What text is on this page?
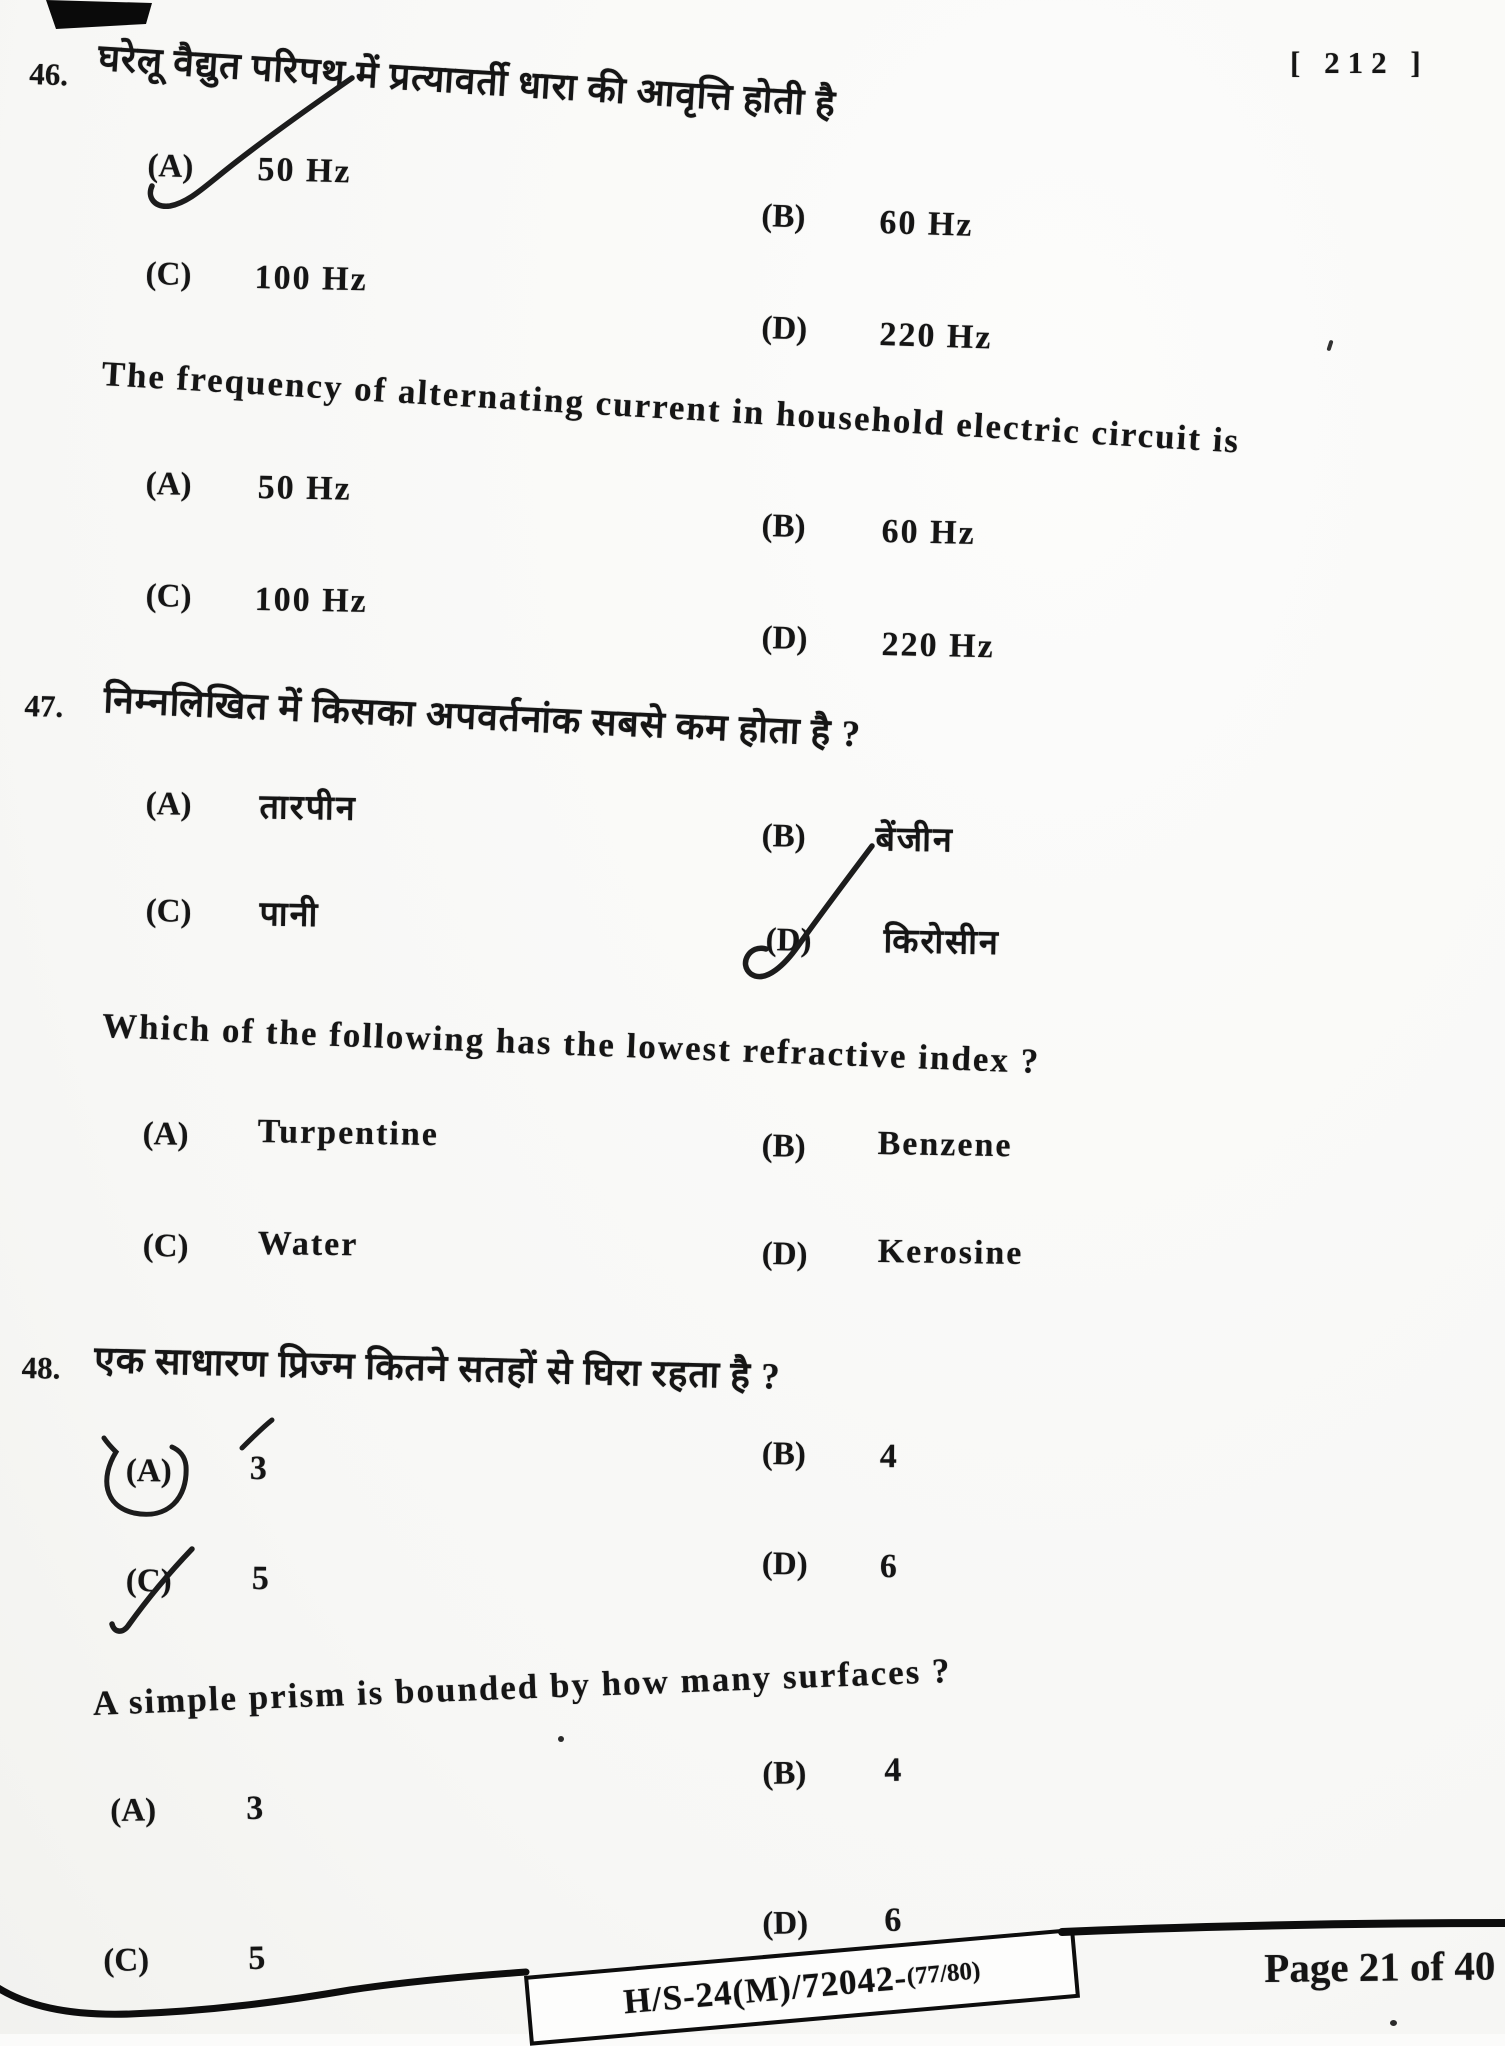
46. घरेलू वैद्युत परिपथ में प्रत्यावर्ती धारा की आवृत्ति होती है	[ 212 ]
(A) 50 Hz
(B) 60 Hz
(C) 100 Hz
(D) 220 Hz
The frequency of alternating current in household electric circuit is
(A) 50 Hz
(B) 60 Hz
(C) 100 Hz
(D) 220 Hz
47. निम्नलिखित में किसका अपवर्तनांक सबसे कम होता है ?
(A) तारपीन
(B) बेंजीन
(C) पानी
(D) किरोसीन
Which of the following has the lowest refractive index ?
(A) Turpentine	(B) Benzene
(C) Water	(D) Kerosine
48. एक साधारण प्रिज्म कितने सतहों से घिरा रहता है ?
(A) 3	(B) 4
(C) 5	(D) 6
A simple prism is bounded by how many surfaces ?
(B) 4
(A)	3
(D) 6
(C)	5	H/S-24(M)/72042-
(77/80)	Page 21 of 40
